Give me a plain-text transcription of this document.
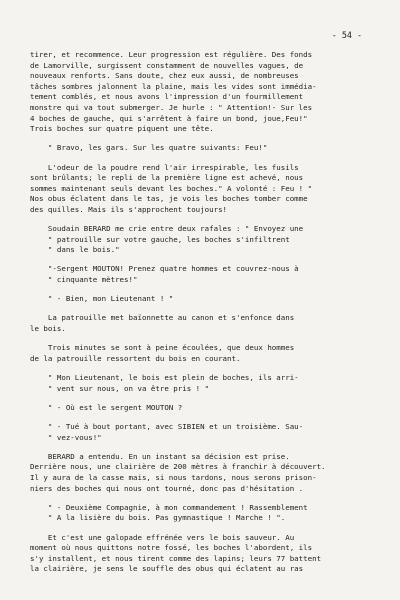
- 54 -

tirer, et recommence. Leur progression est régulière. Des fonds
de Lamorville, surgissent constamment de nouvelles vagues, de
nouveaux renforts. Sans doute, chez eux aussi, de nombreuses
tâches sombres jalonnent la plaine, mais les vides sont immédia-
tement comblés, et nous avons l'impression d'un fourmillement
monstre qui va tout submerger. Je hurle : " Attention!- Sur les
4 boches de gauche, qui s'arrêtent à faire un bond, joue,Feu!"
Trois boches sur quatre piquent une tête.

" Bravo, les gars. Sur les quatre suivants: Feu!"

L'odeur de la poudre rend l'air irrespirable, les fusils
sont brûlants; le repli de la première ligne est achevé, nous
sommes maintenant seuls devant les boches." A volonté : Feu ! "
Nos obus éclatent dans le tas, je vois les boches tomber comme
des quilles. Mais ils s'approchent toujours!

Soudain BERARD me crie entre deux rafales : " Envoyez une
" patrouille sur votre gauche, les boches s'infiltrent
" dans le bois."

"-Sergent MOUTON! Prenez quatre hommes et couvrez-nous à
" cinquante mètres!"

" - Bien, mon Lieutenant ! "

La patrouille met baïonnette au canon et s'enfonce dans
le bois.

Trois minutes se sont à peine écoulées, que deux hommes
de la patrouille ressortent du bois en courant.

" Mon Lieutenant, le bois est plein de boches, ils arri-
" vent sur nous, on va être pris ! "

" - Où est le sergent MOUTON ?

" - Tué à bout portant, avec SIBIEN et un troisième. Sau-
" vez-vous!"

BERARD a entendu. En un instant sa décision est prise.
Derrière nous, une clairière de 200 mètres à franchir à découvert.
Il y aura de la casse mais, si nous tardons, nous serons prison-
niers des boches qui nous ont tourné, donc pas d'hésitation .

" - Deuxième Compagnie, à mon commandement ! Rassemblement
" A la lisière du bois. Pas gymnastique ! Marche ! ".

Et c'est une galopade effrénée vers le bois sauveur. Au
moment où nous quittons notre fossé, les boches l'abordent, ils
s'y installent, et nous tirent comme des lapins; leurs 77 battent
la clairière, je sens le souffle des obus qui éclatent au ras
